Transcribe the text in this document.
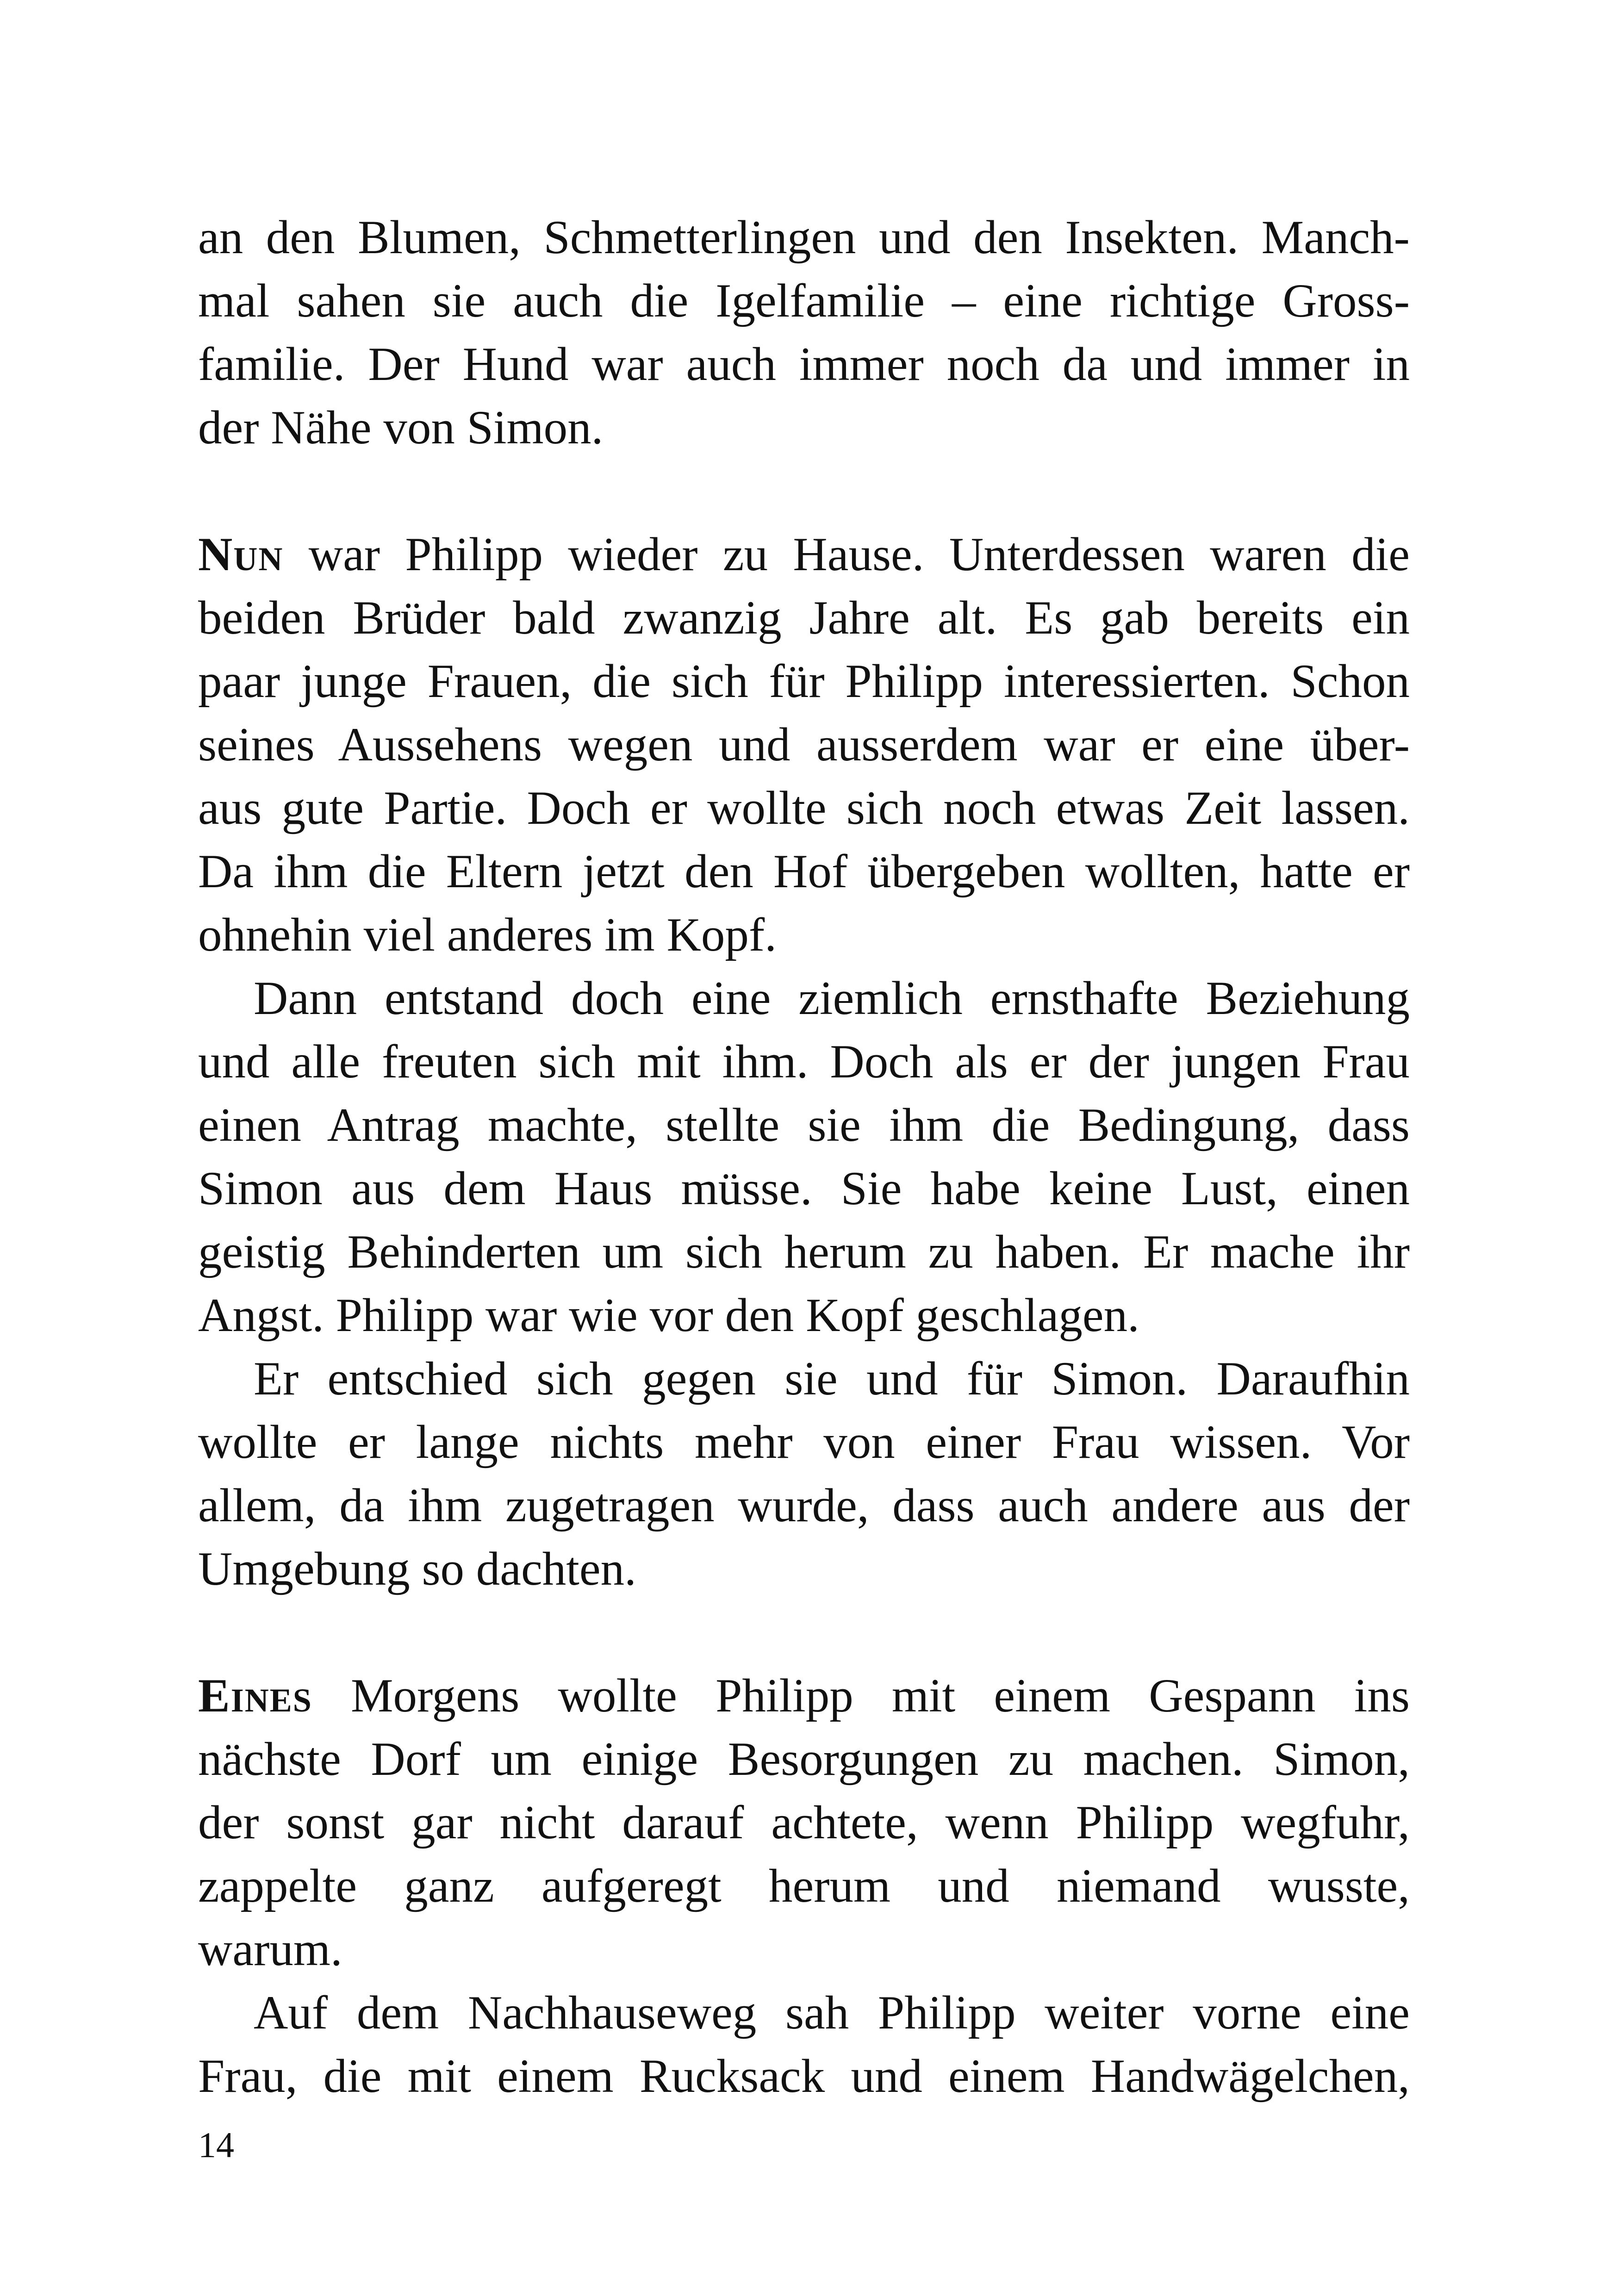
an den Blumen, Schmetterlingen und den Insekten. Manch-
mal sahen sie auch die Igelfamilie – eine richtige Gross-
familie. Der Hund war auch immer noch da und immer in
der Nähe von Simon.
Nun war Philipp wieder zu Hause. Unterdessen waren die
beiden Brüder bald zwanzig Jahre alt. Es gab bereits ein
paar junge Frauen, die sich für Philipp interessierten. Schon
seines Aussehens wegen und ausserdem war er eine über-
aus gute Partie. Doch er wollte sich noch etwas Zeit lassen.
Da ihm die Eltern jetzt den Hof übergeben wollten, hatte er
ohnehin viel anderes im Kopf.
Dann entstand doch eine ziemlich ernsthafte Beziehung
und alle freuten sich mit ihm. Doch als er der jungen Frau
einen Antrag machte, stellte sie ihm die Bedingung, dass
Simon aus dem Haus müsse. Sie habe keine Lust, einen
geistig Behinderten um sich herum zu haben. Er mache ihr
Angst. Philipp war wie vor den Kopf geschlagen.
Er entschied sich gegen sie und für Simon. Daraufhin
wollte er lange nichts mehr von einer Frau wissen. Vor
allem, da ihm zugetragen wurde, dass auch andere aus der
Umgebung so dachten.
Eines Morgens wollte Philipp mit einem Gespann ins
nächste Dorf um einige Besorgungen zu machen. Simon,
der sonst gar nicht darauf achtete, wenn Philipp wegfuhr,
zappelte ganz aufgeregt herum und niemand wusste,
warum.
Auf dem Nachhauseweg sah Philipp weiter vorne eine
Frau, die mit einem Rucksack und einem Handwägelchen,
14
